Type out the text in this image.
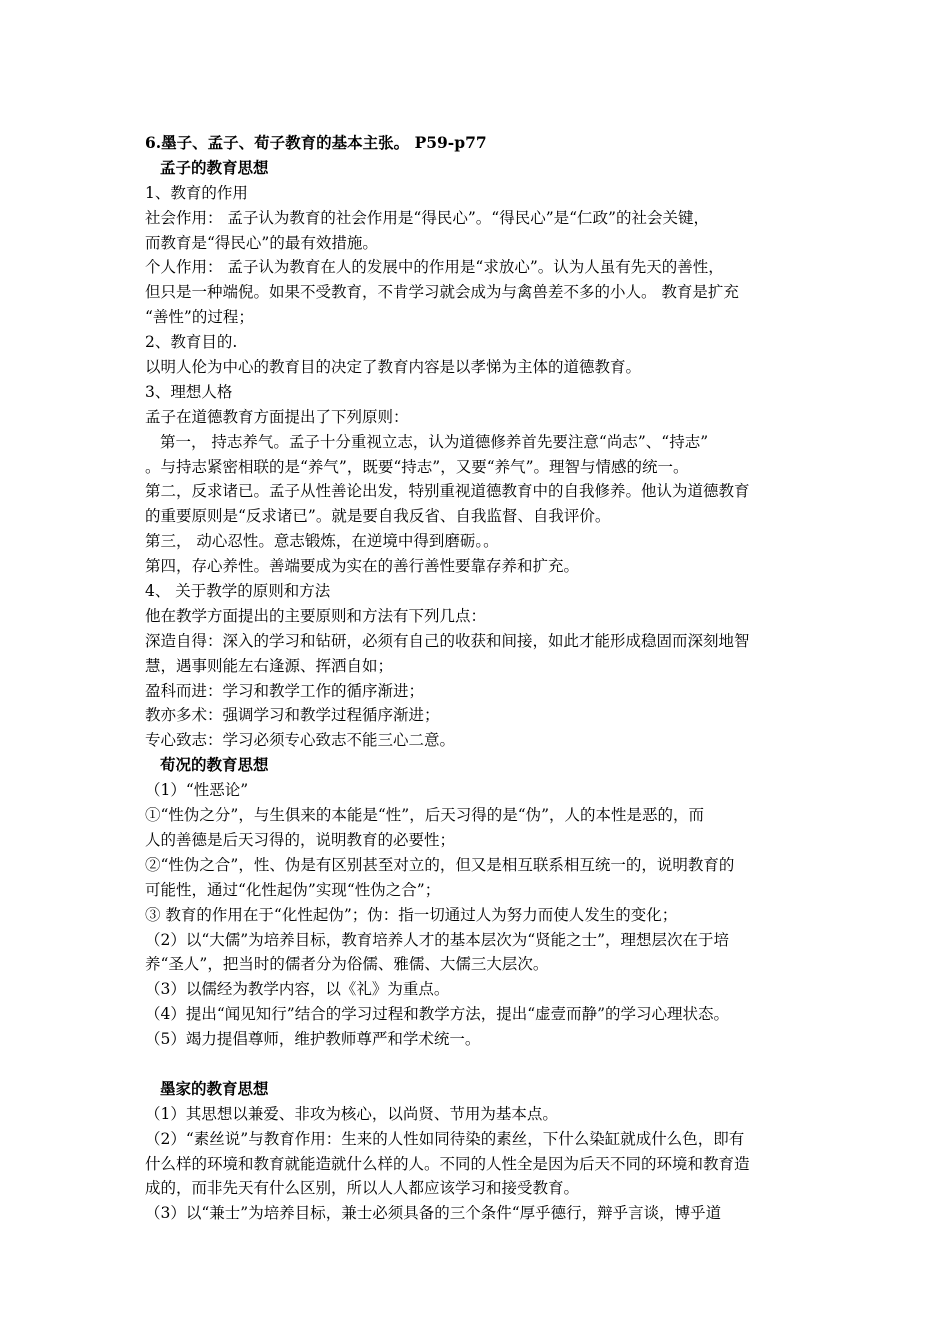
6.墨子、孟子、荀子教育的基本主张。 P59-p77
孟子的教育思想
1、教育的作用
社会作用： 孟子认为教育的社会作用是“得民心”。“得民心”是“仁政”的社会关键，
而教育是“得民心”的最有效措施。
个人作用： 孟子认为教育在人的发展中的作用是“求放心”。认为人虽有先天的善性，
但只是一种端倪。如果不受教育，不肯学习就会成为与禽兽差不多的小人。 教育是扩充
“善性”的过程；
2、教育目的.
以明人伦为中心的教育目的决定了教育内容是以孝悌为主体的道德教育。
3、理想人格
孟子在道德教育方面提出了下列原则：
第一， 持志养气。孟子十分重视立志，认为道德修养首先要注意“尚志”、“持志”
。与持志紧密相联的是“养气”，既要“持志”，又要“养气”。理智与情感的统一。
第二，反求诸已。孟子从性善论出发，特别重视道德教育中的自我修养。他认为道德教育
的重要原则是“反求诸已”。就是要自我反省、自我监督、自我评价。
第三， 动心忍性。意志锻炼，在逆境中得到磨砺。。
第四，存心养性。善端要成为实在的善行善性要靠存养和扩充。
4、 关于教学的原则和方法
他在教学方面提出的主要原则和方法有下列几点：
深造自得：深入的学习和钻研，必须有自己的收获和间接，如此才能形成稳固而深刻地智
慧，遇事则能左右逢源、挥洒自如；
盈科而进：学习和教学工作的循序渐进；
教亦多术：强调学习和教学过程循序渐进；
专心致志：学习必须专心致志不能三心二意。
荀况的教育思想
（1）“性恶论”
①“性伪之分”，与生俱来的本能是“性”，后天习得的是“伪”，人的本性是恶的，而
人的善德是后天习得的，说明教育的必要性；
②“性伪之合”，性、伪是有区别甚至对立的，但又是相互联系相互统一的，说明教育的
可能性，通过“化性起伪”实现“性伪之合”；
③ 教育的作用在于“化性起伪”；伪：指一切通过人为努力而使人发生的变化；
（2）以“大儒”为培养目标，教育培养人才的基本层次为“贤能之士”，理想层次在于培
养“圣人”，把当时的儒者分为俗儒、雅儒、大儒三大层次。
（3）以儒经为教学内容，以《礼》为重点。
（4）提出“闻见知行”结合的学习过程和教学方法，提出“虚壹而静”的学习心理状态。
（5）竭力提倡尊师，维护教师尊严和学术统一。
墨家的教育思想
（1）其思想以兼爱、非攻为核心，以尚贤、节用为基本点。
（2）“素丝说”与教育作用：生来的人性如同待染的素丝，下什么染缸就成什么色，即有
什么样的环境和教育就能造就什么样的人。不同的人性全是因为后天不同的环境和教育造
成的，而非先天有什么区别，所以人人都应该学习和接受教育。
（3）以“兼士”为培养目标，兼士必须具备的三个条件“厚乎德行，辩乎言谈，博乎道
